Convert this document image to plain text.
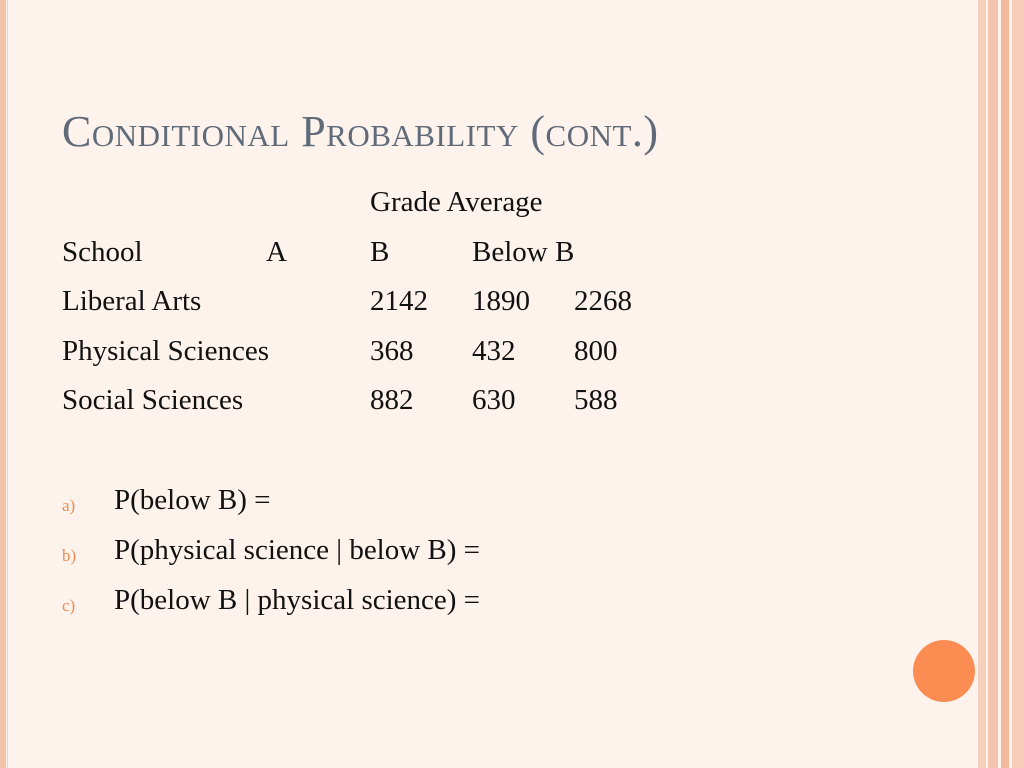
Conditional Probability (cont.)
Grade Average
School	A	B	Below B
Liberal Arts	2142 1890 2268
Physical Sciences	368 432 800
Social Sciences	882 630 588
a) P(below B) =
b) P(physical science | below B) =
c) P(below B | physical science) =
